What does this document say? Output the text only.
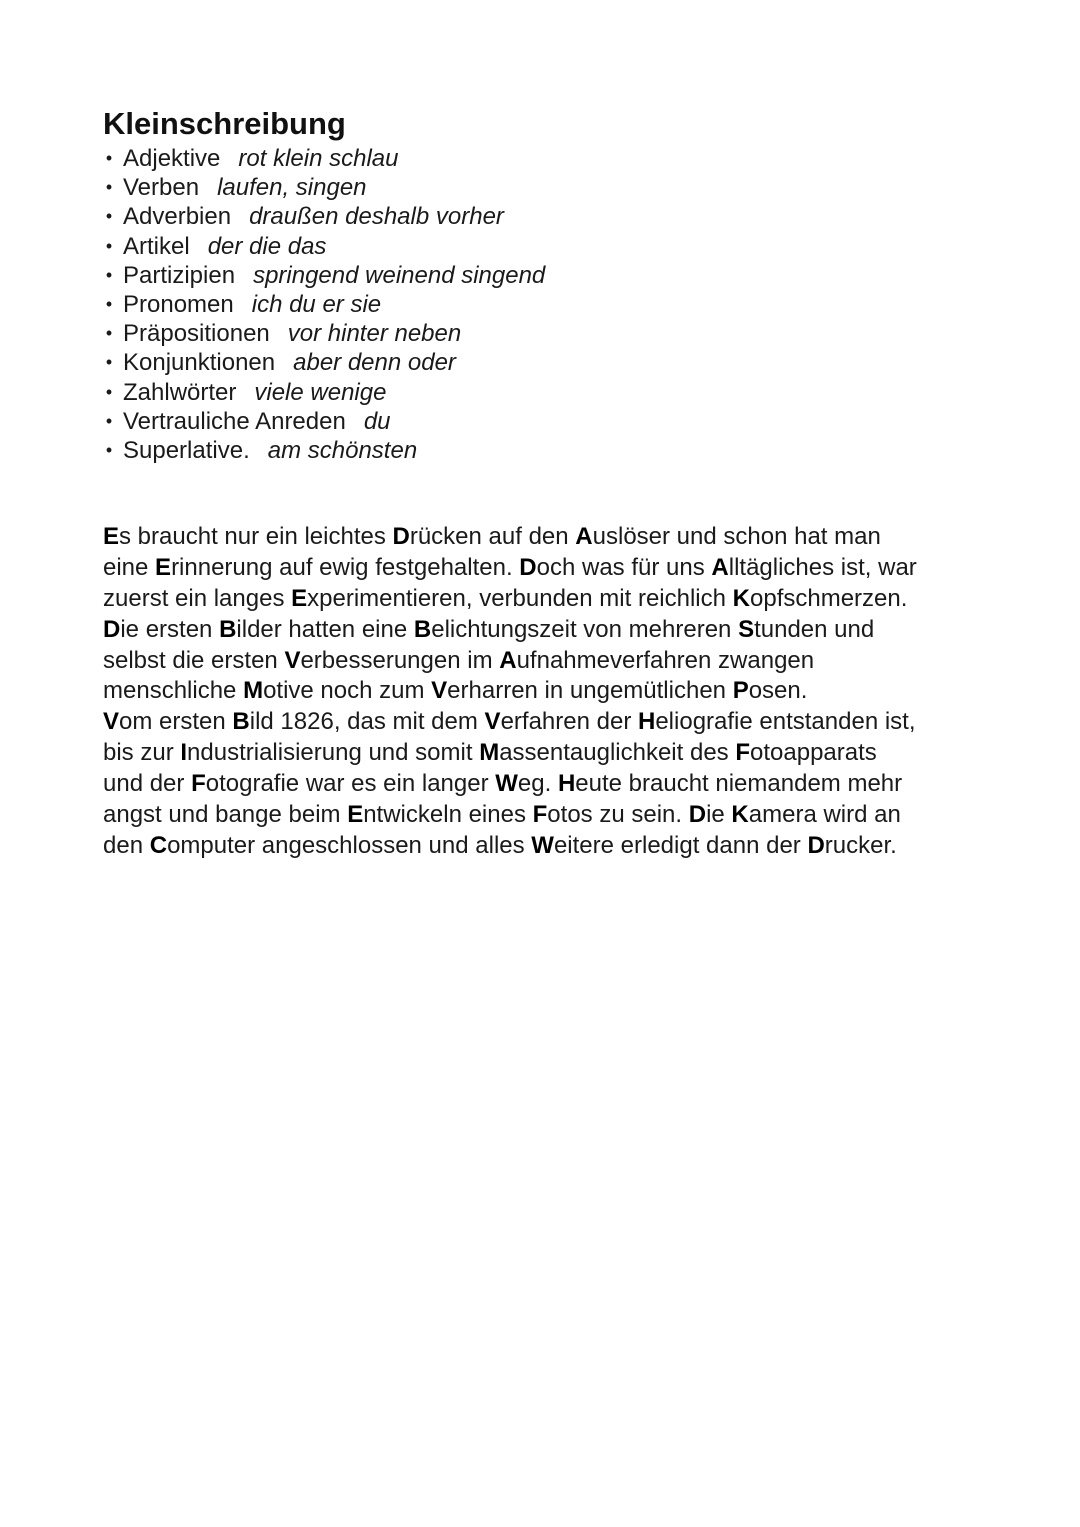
Kleinschreibung
• Adjektive rot klein schlau
• Verben laufen, singen
• Adverbien draußen deshalb vorher
• Artikel der die das
• Partizipien springend weinend singend
• Pronomen ich du er sie
• Präpositionen vor hinter neben
• Konjunktionen aber denn oder
• Zahlwörter viele wenige
• Vertrauliche Anreden du
• Superlative. am schönsten
Es braucht nur ein leichtes Drücken auf den Auslöser und schon hat man
eine Erinnerung auf ewig festgehalten. Doch was für uns Alltägliches ist, war
zuerst ein langes Experimentieren, verbunden mit reichlich Kopfschmerzen.
Die ersten Bilder hatten eine Belichtungszeit von mehreren Stunden und
selbst die ersten Verbesserungen im Aufnahmeverfahren zwangen
menschliche Motive noch zum Verharren in ungemütlichen Posen.
Vom ersten Bild 1826, das mit dem Verfahren der Heliografie entstanden ist,
bis zur Industrialisierung und somit Massentauglichkeit des Fotoapparats
und der Fotografie war es ein langer Weg. Heute braucht niemandem mehr
angst und bange beim Entwickeln eines Fotos zu sein. Die Kamera wird an
den Computer angeschlossen und alles Weitere erledigt dann der Drucker.
